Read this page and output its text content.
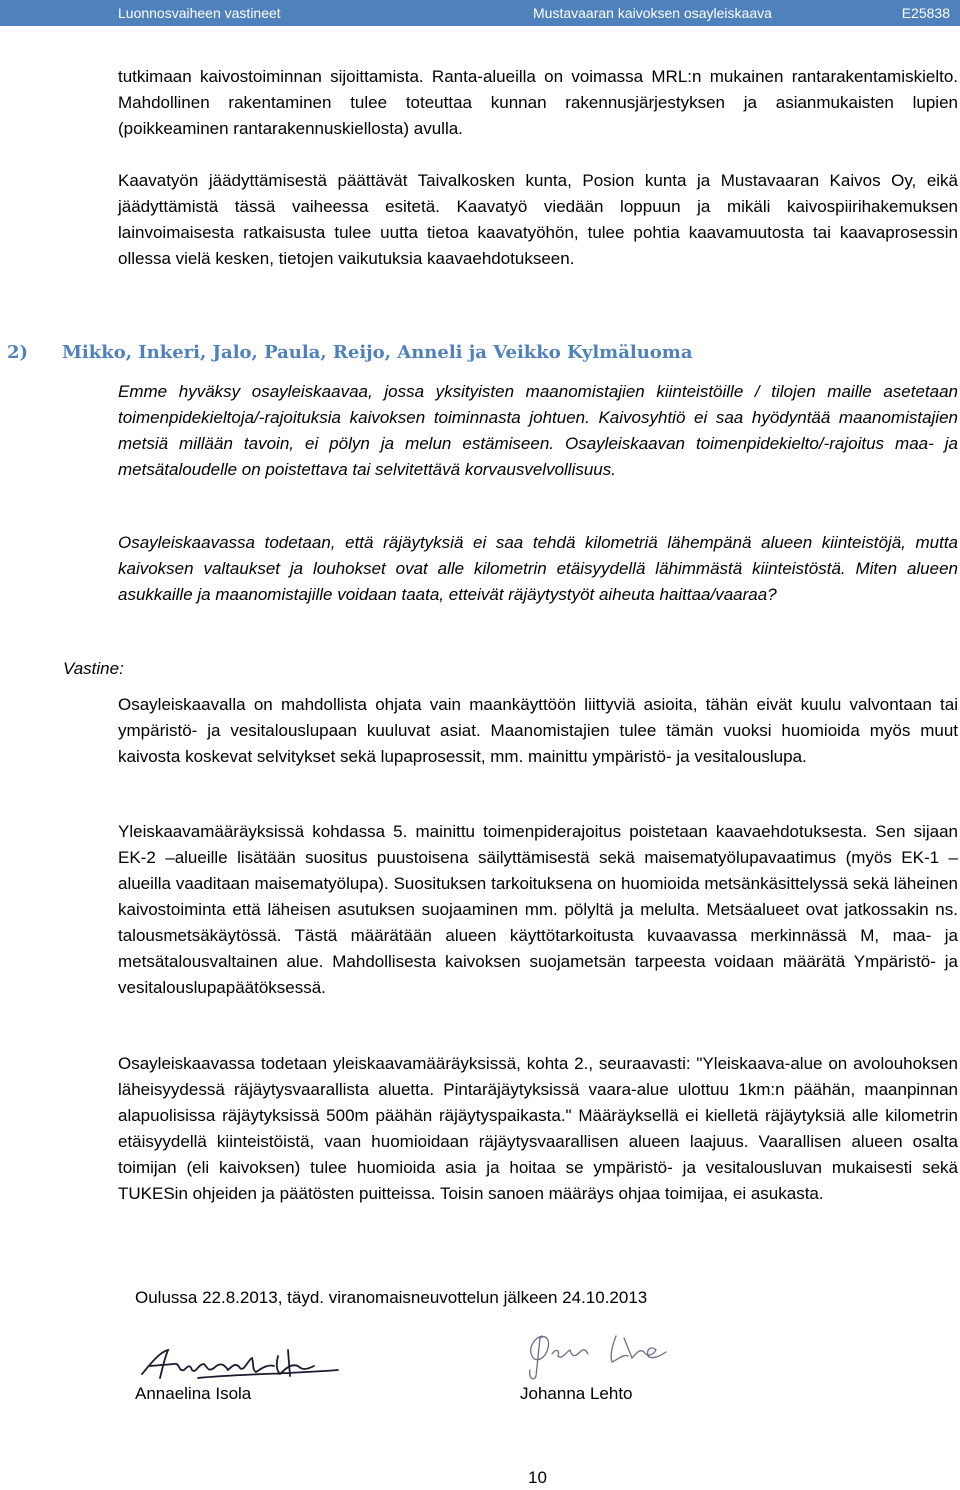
Luonnosvaiheen vastineet	Mustavaaran kaivoksen osayleiskaava	E25838

tutkimaan kaivostoiminnan sijoittamista. Ranta-alueilla on voimassa MRL:n mukainen rantarakentamiskielto. Mahdollinen rakentaminen tulee toteuttaa kunnan rakennusjärjestyksen ja asianmukaisten lupien (poikkeaminen rantarakennuskiellosta) avulla.

Kaavatyön jäädyttämisestä päättävät Taivalkosken kunta, Posion kunta ja Mustavaaran Kaivos Oy, eikä jäädyttämistä tässä vaiheessa esitetä. Kaavatyö viedään loppuun ja mikäli kaivospiirihakemuksen lainvoimaisesta ratkaisusta tulee uutta tietoa kaavatyöhön, tulee pohtia kaavamuutosta tai kaavaprosessin ollessa vielä kesken, tietojen vaikutuksia kaavaehdotukseen.

2) Mikko, Inkeri, Jalo, Paula, Reijo, Anneli ja Veikko Kylmäluoma

Emme hyväksy osayleiskaavaa, jossa yksityisten maanomistajien kiinteistöille / tilojen maille asetetaan toimenpidekieltoja/-rajoituksia kaivoksen toiminnasta johtuen. Kaivosyhtiö ei saa hyödyntää maanomistajien metsiä millään tavoin, ei pölyn ja melun estämiseen. Osayleiskaavan toimenpidekielto/-rajoitus maa- ja metsätaloudelle on poistettava tai selvitettävä korvausvelvollisuus.

Osayleiskaavassa todetaan, että räjäytyksiä ei saa tehdä kilometriä lähempänä alueen kiinteistöjä, mutta kaivoksen valtaukset ja louhokset ovat alle kilometrin etäisyydellä lähimmästä kiinteistöstä. Miten alueen asukkaille ja maanomistajille voidaan taata, etteivät räjäytystyöt aiheuta haittaa/vaaraa?

Vastine:

Osayleiskaavalla on mahdollista ohjata vain maankäyttöön liittyviä asioita, tähän eivät kuulu valvontaan tai ympäristö- ja vesitalouslupaan kuuluvat asiat. Maanomistajien tulee tämän vuoksi huomioida myös muut kaivosta koskevat selvitykset sekä lupaprosessit, mm. mainittu ympäristö- ja vesitalouslupa.

Yleiskaavamääräyksissä kohdassa 5. mainittu toimenpiderajoitus poistetaan kaavaehdotuksesta. Sen sijaan EK-2 –alueille lisätään suositus puustoisena säilyttämisestä sekä maisematyölupavaatimus (myös EK-1 –alueilla vaaditaan maisematyölupa). Suosituksen tarkoituksena on huomioida metsänkäsittelyssä sekä läheinen kaivostoiminta että läheisen asutuksen suojaaminen mm. pölyltä ja melulta. Metsäalueet ovat jatkossakin ns. talousmetsäkäytössä. Tästä määrätään alueen käyttötarkoitusta kuvaavassa merkinnässä M, maa- ja metsätalousvaltainen alue. Mahdollisesta kaivoksen suojametsän tarpeesta voidaan määrätä Ympäristö- ja vesitalouslupapäätöksessä.

Osayleiskaavassa todetaan yleiskaavamääräyksissä, kohta 2., seuraavasti: "Yleiskaava-alue on avolouhoksen läheisyydessä räjäytysvaarallista aluetta. Pintaräjäytyksissä vaara-alue ulottuu 1km:n päähän, maanpinnan alapuolisissa räjäytyksissä 500m päähän räjäytyspaikasta." Määräyksellä ei kielletä räjäytyksiä alle kilometrin etäisyydellä kiinteistöistä, vaan huomioidaan räjäytysvaarallisen alueen laajuus. Vaarallisen alueen osalta toimijan (eli kaivoksen) tulee huomioida asia ja hoitaa se ympäristö- ja vesitalousluvan mukaisesti sekä TUKESin ohjeiden ja päätösten puitteissa. Toisin sanoen määräys ohjaa toimijaa, ei asukasta.

Oulussa 22.8.2013, täyd. viranomaisneuvottelun jälkeen 24.10.2013
Annaelina Isola	Johanna Lehto
10
